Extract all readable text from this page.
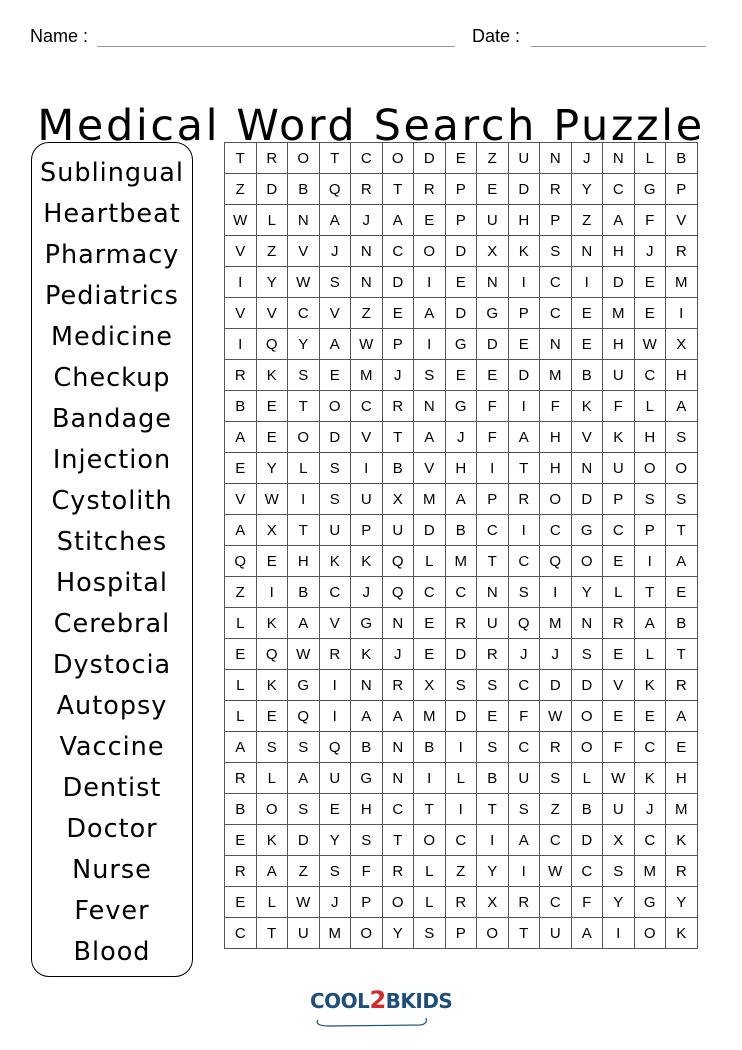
Name :	Date :
Medical Word Search Puzzle
Sublingual
Heartbeat
Pharmacy
Pediatrics
Medicine
Checkup
Bandage
Injection
Cystolith
Stitches
Hospital
Cerebral
Dystocia
Autopsy
Vaccine
Dentist
Doctor
Nurse
Fever
Blood
T	R	O	T	C	O	D	E	Z	U	N	J	N	L	B
Z	D	B	Q	R	T	R	P	E	D	R	Y	C	G	P
W	L	N	A	J	A	E	P	U	H	P	Z	A	F	V
V	Z	V	J	N	C	O	D	X	K	S	N	H	J	R
I	Y	W	S	N	D	I	E	N	I	C	I	D	E	M
V	V	C	V	Z	E	A	D	G	P	C	E	M	E	I
I	Q	Y	A	W	P	I	G	D	E	N	E	H	W	X
R	K	S	E	M	J	S	E	E	D	M	B	U	C	H
B	E	T	O	C	R	N	G	F	I	F	K	F	L	A
A	E	O	D	V	T	A	J	F	A	H	V	K	H	S
E	Y	L	S	I	B	V	H	I	T	H	N	U	O	O
V	W	I	S	U	X	M	A	P	R	O	D	P	S	S
A	X	T	U	P	U	D	B	C	I	C	G	C	P	T
Q	E	H	K	K	Q	L	M	T	C	Q	O	E	I	A
Z	I	B	C	J	Q	C	C	N	S	I	Y	L	T	E
L	K	A	V	G	N	E	R	U	Q	M	N	R	A	B
E	Q	W	R	K	J	E	D	R	J	J	S	E	L	T
L	K	G	I	N	R	X	S	S	C	D	D	V	K	R
L	E	Q	I	A	A	M	D	E	F	W	O	E	E	A
A	S	S	Q	B	N	B	I	S	C	R	O	F	C	E
R	L	A	U	G	N	I	L	B	U	S	L	W	K	H
B	O	S	E	H	C	T	I	T	S	Z	B	U	J	M
E	K	D	Y	S	T	O	C	I	A	C	D	X	C	K
R	A	Z	S	F	R	L	Z	Y	I	W	C	S	M	R
E	L	W	J	P	O	L	R	X	R	C	F	Y	G	Y
C	T	U	M	O	Y	S	P	O	T	U	A	I	O	K
COOL2BKIDS
